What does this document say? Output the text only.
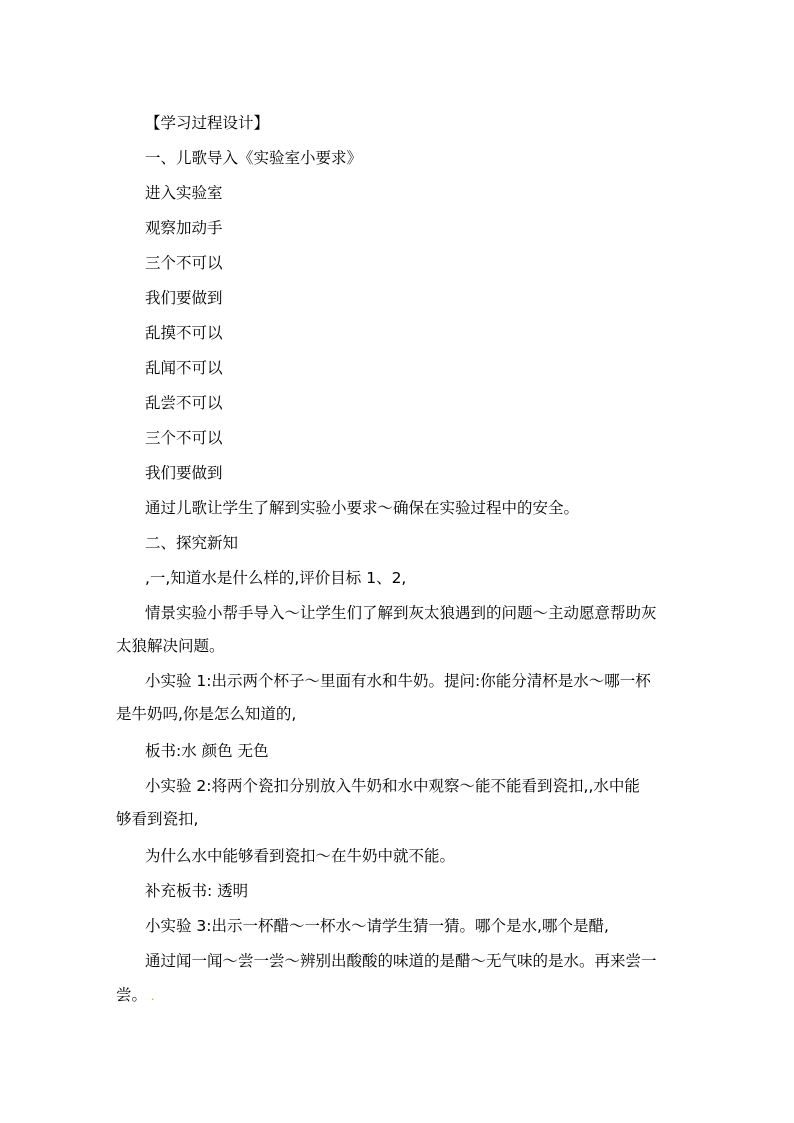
【学习过程设计】
一、儿歌导入《实验室小要求》
进入实验室
观察加动手
三个不可以
我们要做到
乱摸不可以
乱闻不可以
乱尝不可以
三个不可以
我们要做到
通过儿歌让学生了解到实验小要求～确保在实验过程中的安全。
二、探究新知
,一,知道水是什么样的,评价目标 1、2,
情景实验小帮手导入～让学生们了解到灰太狼遇到的问题～主动愿意帮助灰
太狼解决问题。
小实验 1:出示两个杯子～里面有水和牛奶。提问:你能分清杯是水～哪一杯
是牛奶吗,你是怎么知道的,
板书:水 颜色 无色
小实验 2:将两个瓷扣分别放入牛奶和水中观察～能不能看到瓷扣,,水中能
够看到瓷扣,
为什么水中能够看到瓷扣～在牛奶中就不能。
补充板书: 透明
小实验 3:出示一杯醋～一杯水～请学生猜一猜。哪个是水,哪个是醋,
通过闻一闻～尝一尝～辨别出酸酸的味道的是醋～无气味的是水。再来尝一
尝。 .
